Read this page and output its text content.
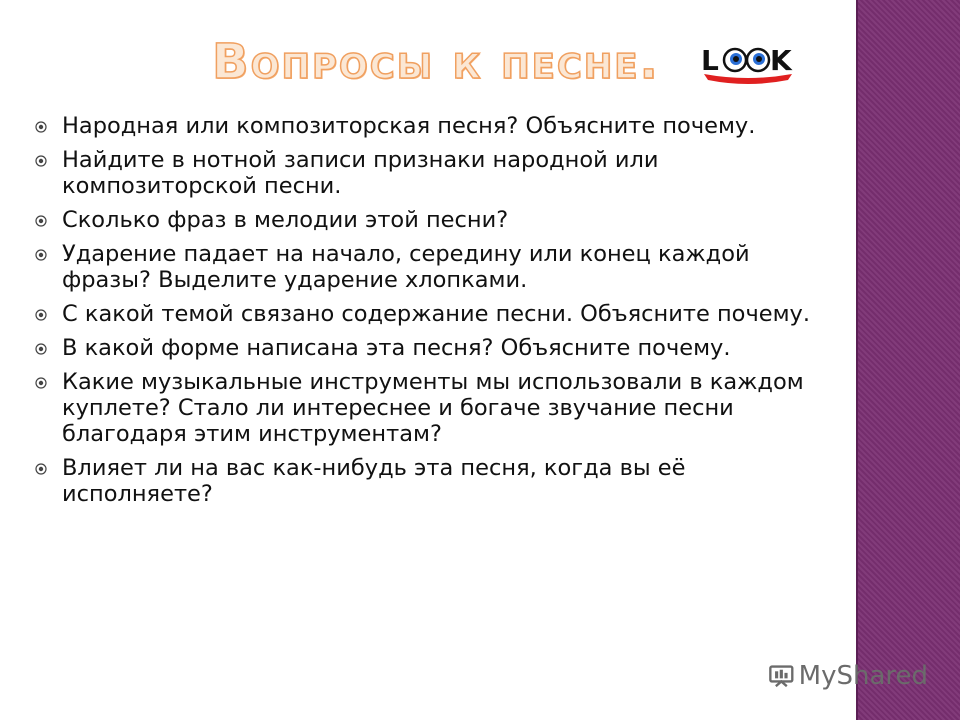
Вопросы к песне. L K
Народная или композиторская песня? Объясните почему.
Найдите в нотной записи признаки народной или композиторской песни.
Сколько фраз в мелодии этой песни?
Ударение падает на начало, середину или конец каждой фразы? Выделите ударение хлопками.
С какой темой связано содержание песни. Объясните почему.
В какой форме написана эта песня? Объясните почему.
Какие музыкальные инструменты мы использовали в каждом куплете? Стало ли интереснее и богаче звучание песни благодаря этим инструментам?
Влияет ли на вас как-нибудь эта песня, когда вы её исполняете?
MyShared
